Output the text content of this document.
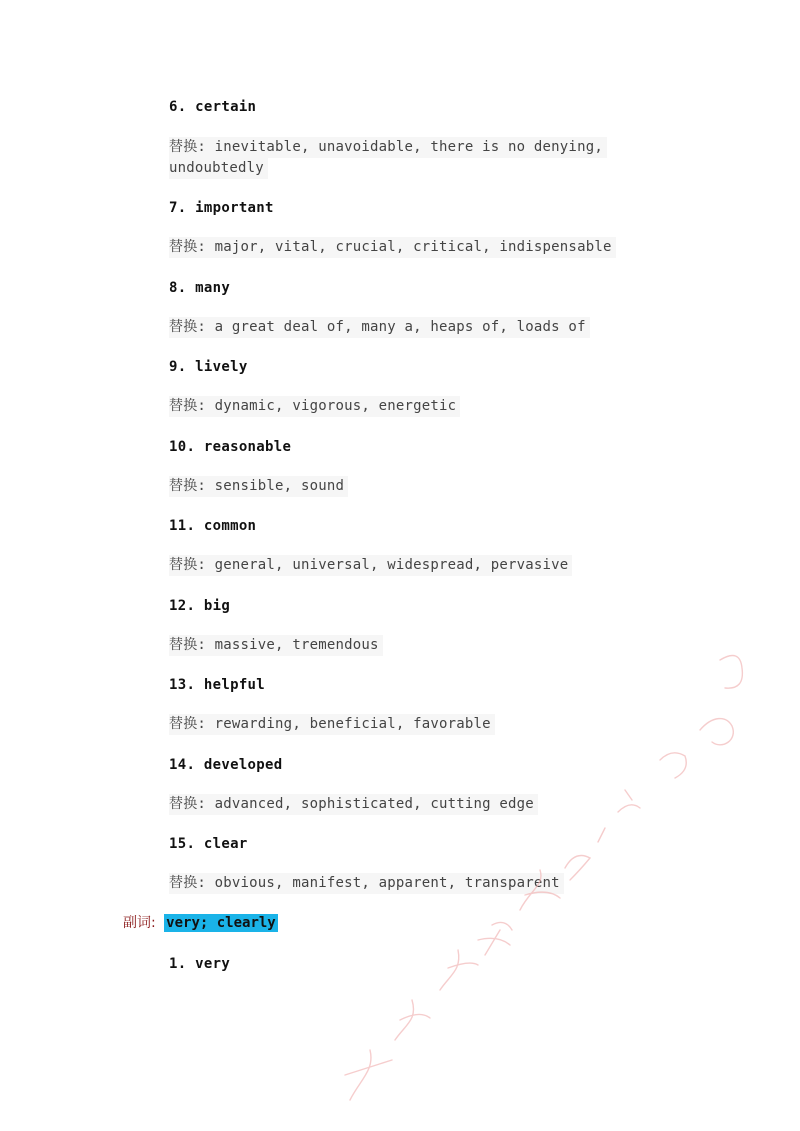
6. certain
替换: inevitable, unavoidable, there is no denying,
undoubtedly
7. important
替换: major, vital, crucial, critical, indispensable
8. many
替换: a great deal of, many a, heaps of, loads of
9. lively
替换: dynamic, vigorous, energetic
10. reasonable
替换: sensible, sound
11. common
替换: general, universal, widespread, pervasive
12. big
替换: massive, tremendous
13. helpful
替换: rewarding, beneficial, favorable
14. developed
替换: advanced, sophisticated, cutting edge
15. clear
替换: obvious, manifest, apparent, transparent
副词: very; clearly
1. very
